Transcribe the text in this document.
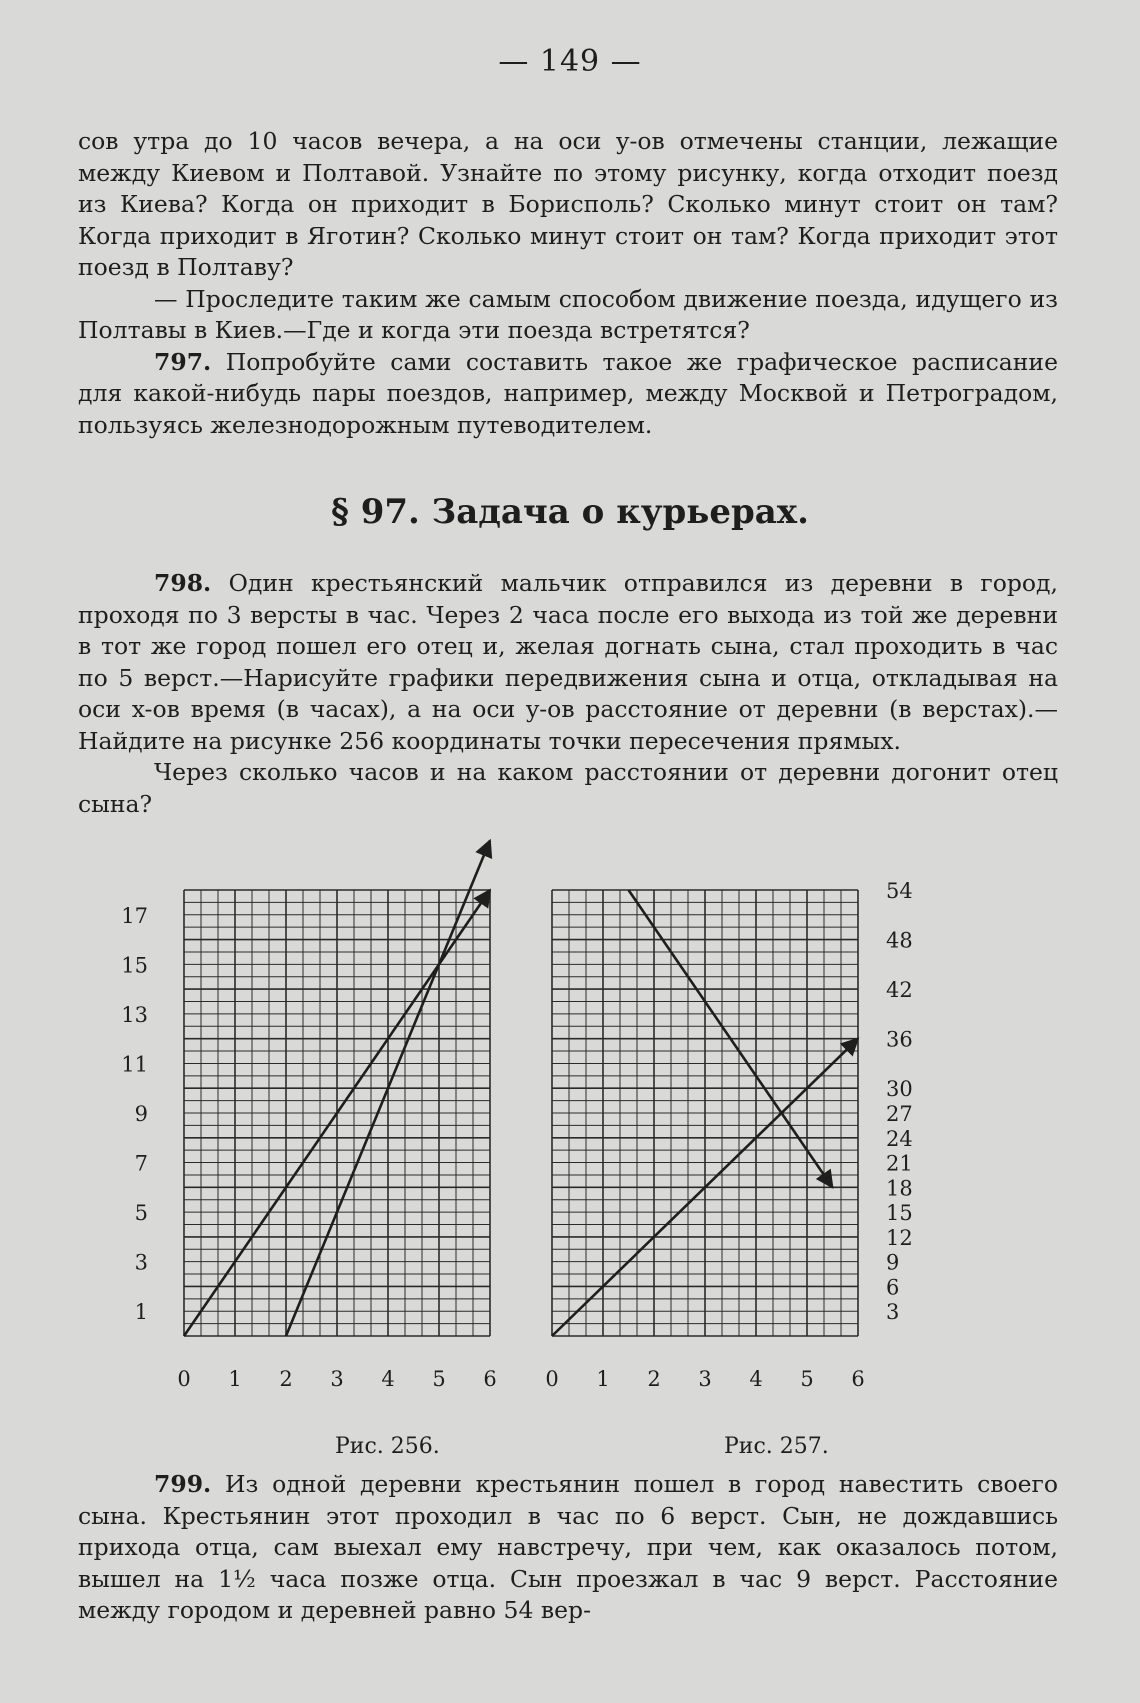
— 149 —

сов утра до 10 часов вечера, а на оси y-ов отмечены станции, лежащие между Киевом и Полтавой. Узнайте по этому рисунку, когда отходит поезд из Киева? Когда он приходит в Борисполь? Сколько минут стоит он там? Когда приходит в Яготин? Сколько минут стоит он там? Когда приходит этот поезд в Полтаву?

— Проследите таким же самым способом движение поезда, идущего из Полтавы в Киев.—Где и когда эти поезда встретятся?

797. Попробуйте сами составить такое же графическое расписание для какой-нибудь пары поездов, например, между Москвой и Петроградом, пользуясь железнодорожным путеводителем.

§ 97. Задача о курьерах.

798. Один крестьянский мальчик отправился из деревни в город, проходя по 3 версты в час. Через 2 часа после его выхода из той же деревни в тот же город пошел его отец и, желая догнать сына, стал проходить в час по 5 верст.—Нарисуйте графики передвижения сына и отца, откладывая на оси x-ов время (в часах), а на оси y-ов расстояние от деревни (в верстах).—Найдите на рисунке 256 координаты точки пересечения прямых.

Через сколько часов и на каком расстоянии от деревни догонит отец сына?

0 1 2 3 4 5 6
1
3
5
7
9
11
13
15
17
0 1 2 3 4 5 6
3
6
9
12
15
18
21
24
27
30
36
42
48
54
Рис. 256.	Рис. 257.

799. Из одной деревни крестьянин пошел в город навестить своего сына. Крестьянин этот проходил в час по 6 верст. Сын, не дождавшись прихода отца, сам выехал ему навстречу, при чем, как оказалось потом, вышел на 1½ часа позже отца. Сын проезжал в час 9 верст. Расстояние между городом и деревней равно 54 вер-
